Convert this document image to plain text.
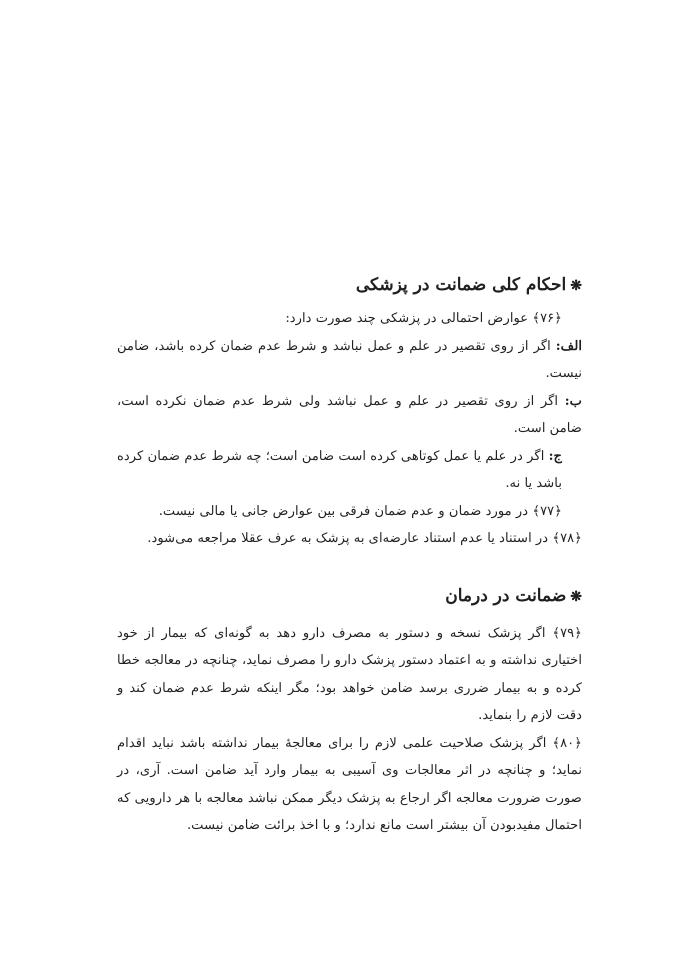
❋احکام کلی ضمانت در پزشکی

﴿۷۶﴾ عوارض احتمالی در پزشکی چند صورت دارد:

الف: اگر از روی تقصیر در علم و عمل نباشد و شرط عدم ضمان کرده باشد، ضامن نیست.

ب: اگر از روی تقصیر در علم و عمل نباشد ولی شرط عدم ضمان نکرده است، ضامن است.

ج: اگر در علم یا عمل کوتاهی کرده است ضامن است؛ چه شرط عدم ضمان کرده باشد یا نه.

﴿۷۷﴾ در مورد ضمان و عدم ضمان فرقی بین عوارض جانی یا مالی نیست.

﴿۷۸﴾ در استناد یا عدم استناد عارضه‌ای به پزشک به عرف عقلا مراجعه می‌شود.

❋ضمانت در درمان

﴿۷۹﴾ اگر پزشک نسخه و دستور به مصرف دارو دهد به گونه‌ای که بیمار از خود اختیاری نداشته و به اعتماد دستور پزشک دارو را مصرف نماید، چنانچه در معالجه خطا کرده و به بیمار ضرری برسد ضامن خواهد بود؛ مگر اینکه شرط عدم ضمان کند و دقت لازم را بنماید.

﴿۸۰﴾ اگر پزشک صلاحیت علمی لازم را برای معالجهٔ بیمار نداشته باشد نباید اقدام نماید؛ و چنانچه در اثر معالجات وی آسیبی به بیمار وارد آید ضامن است. آری، در صورت ضرورت معالجه اگر ارجاع به پزشک دیگر ممکن نباشد معالجه با هر دارویی که احتمال مفیدبودن آن بیشتر است مانع ندارد؛ و با اخذ برائت ضامن نیست.
